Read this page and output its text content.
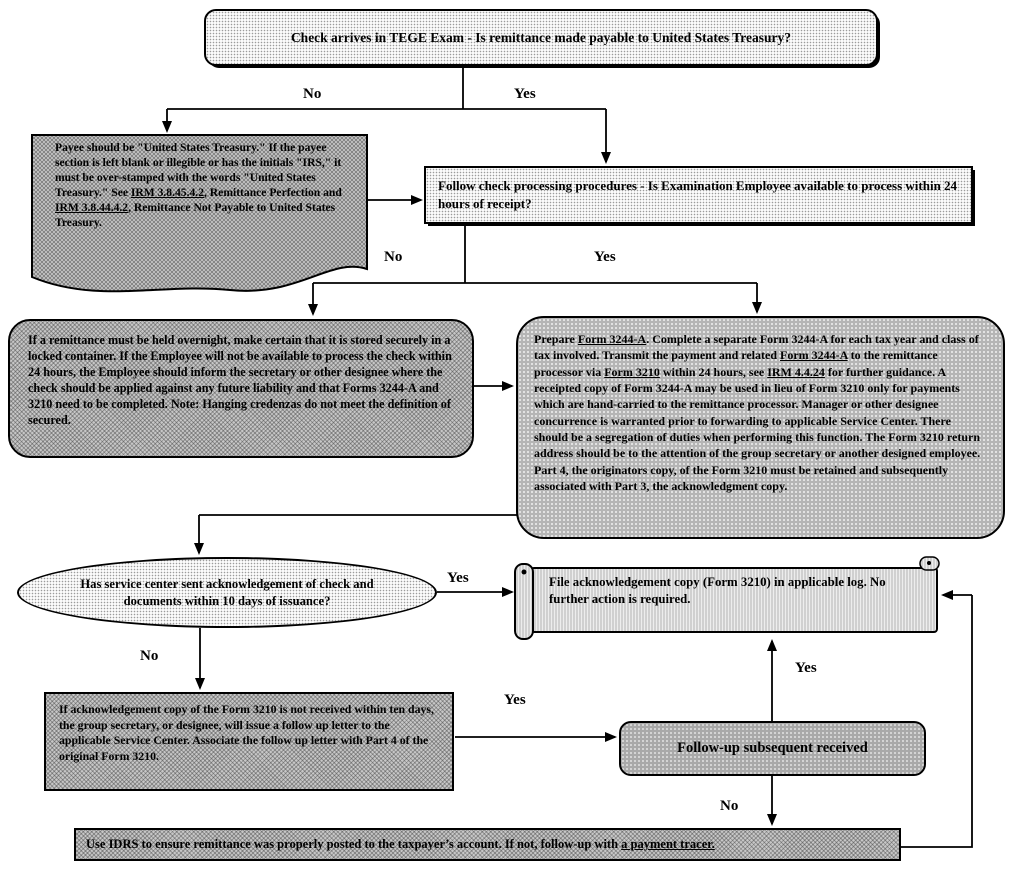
Check arrives in TEGE Exam - Is remittance made payable to United States Treasury?
Payee should be "United States Treasury." If the payee section is left blank or illegible or has the initials "IRS," it must be over-stamped with the words "United States Treasury." See IRM 3.8.45.4.2, Remittance Perfection and IRM 3.8.44.4.2, Remittance Not Payable to United States Treasury.
Follow check processing procedures - Is Examination Employee available to process within 24 hours of receipt?
If a remittance must be held overnight, make certain that it is stored securely in a locked container. If the Employee will not be available to process the check within 24 hours, the Employee should inform the secretary or other designee where the check should be applied against any future liability and that Forms 3244-A and 3210 need to be completed. Note: Hanging credenzas do not meet the definition of secured.
Prepare Form 3244-A. Complete a separate Form 3244-A for each tax year and class of tax involved. Transmit the payment and related Form 3244-A to the remittance processor via Form 3210 within 24 hours, see IRM 4.4.24 for further guidance. A receipted copy of Form 3244-A may be used in lieu of Form 3210 only for payments which are hand-carried to the remittance processor. Manager or other designee concurrence is warranted prior to forwarding to applicable Service Center. There should be a segregation of duties when performing this function. The Form 3210 return address should be to the attention of the group secretary or another designed employee. Part 4, the originators copy, of the Form 3210 must be retained and subsequently associated with Part 3, the acknowledgment copy.
Has service center sent acknowledgement of check and documents within 10 days of issuance?
File acknowledgement copy (Form 3210) in applicable log. No further action is required.
If acknowledgement copy of the Form 3210 is not received within ten days, the group secretary, or designee, will issue a follow up letter to the applicable Service Center. Associate the follow up letter with Part 4 of the original Form 3210.
Follow-up subsequent received
Use IDRS to ensure remittance was properly posted to the taxpayer’s account. If not, follow-up with a payment tracer.
No	Yes
No	Yes
Yes
No
Yes
Yes
No
